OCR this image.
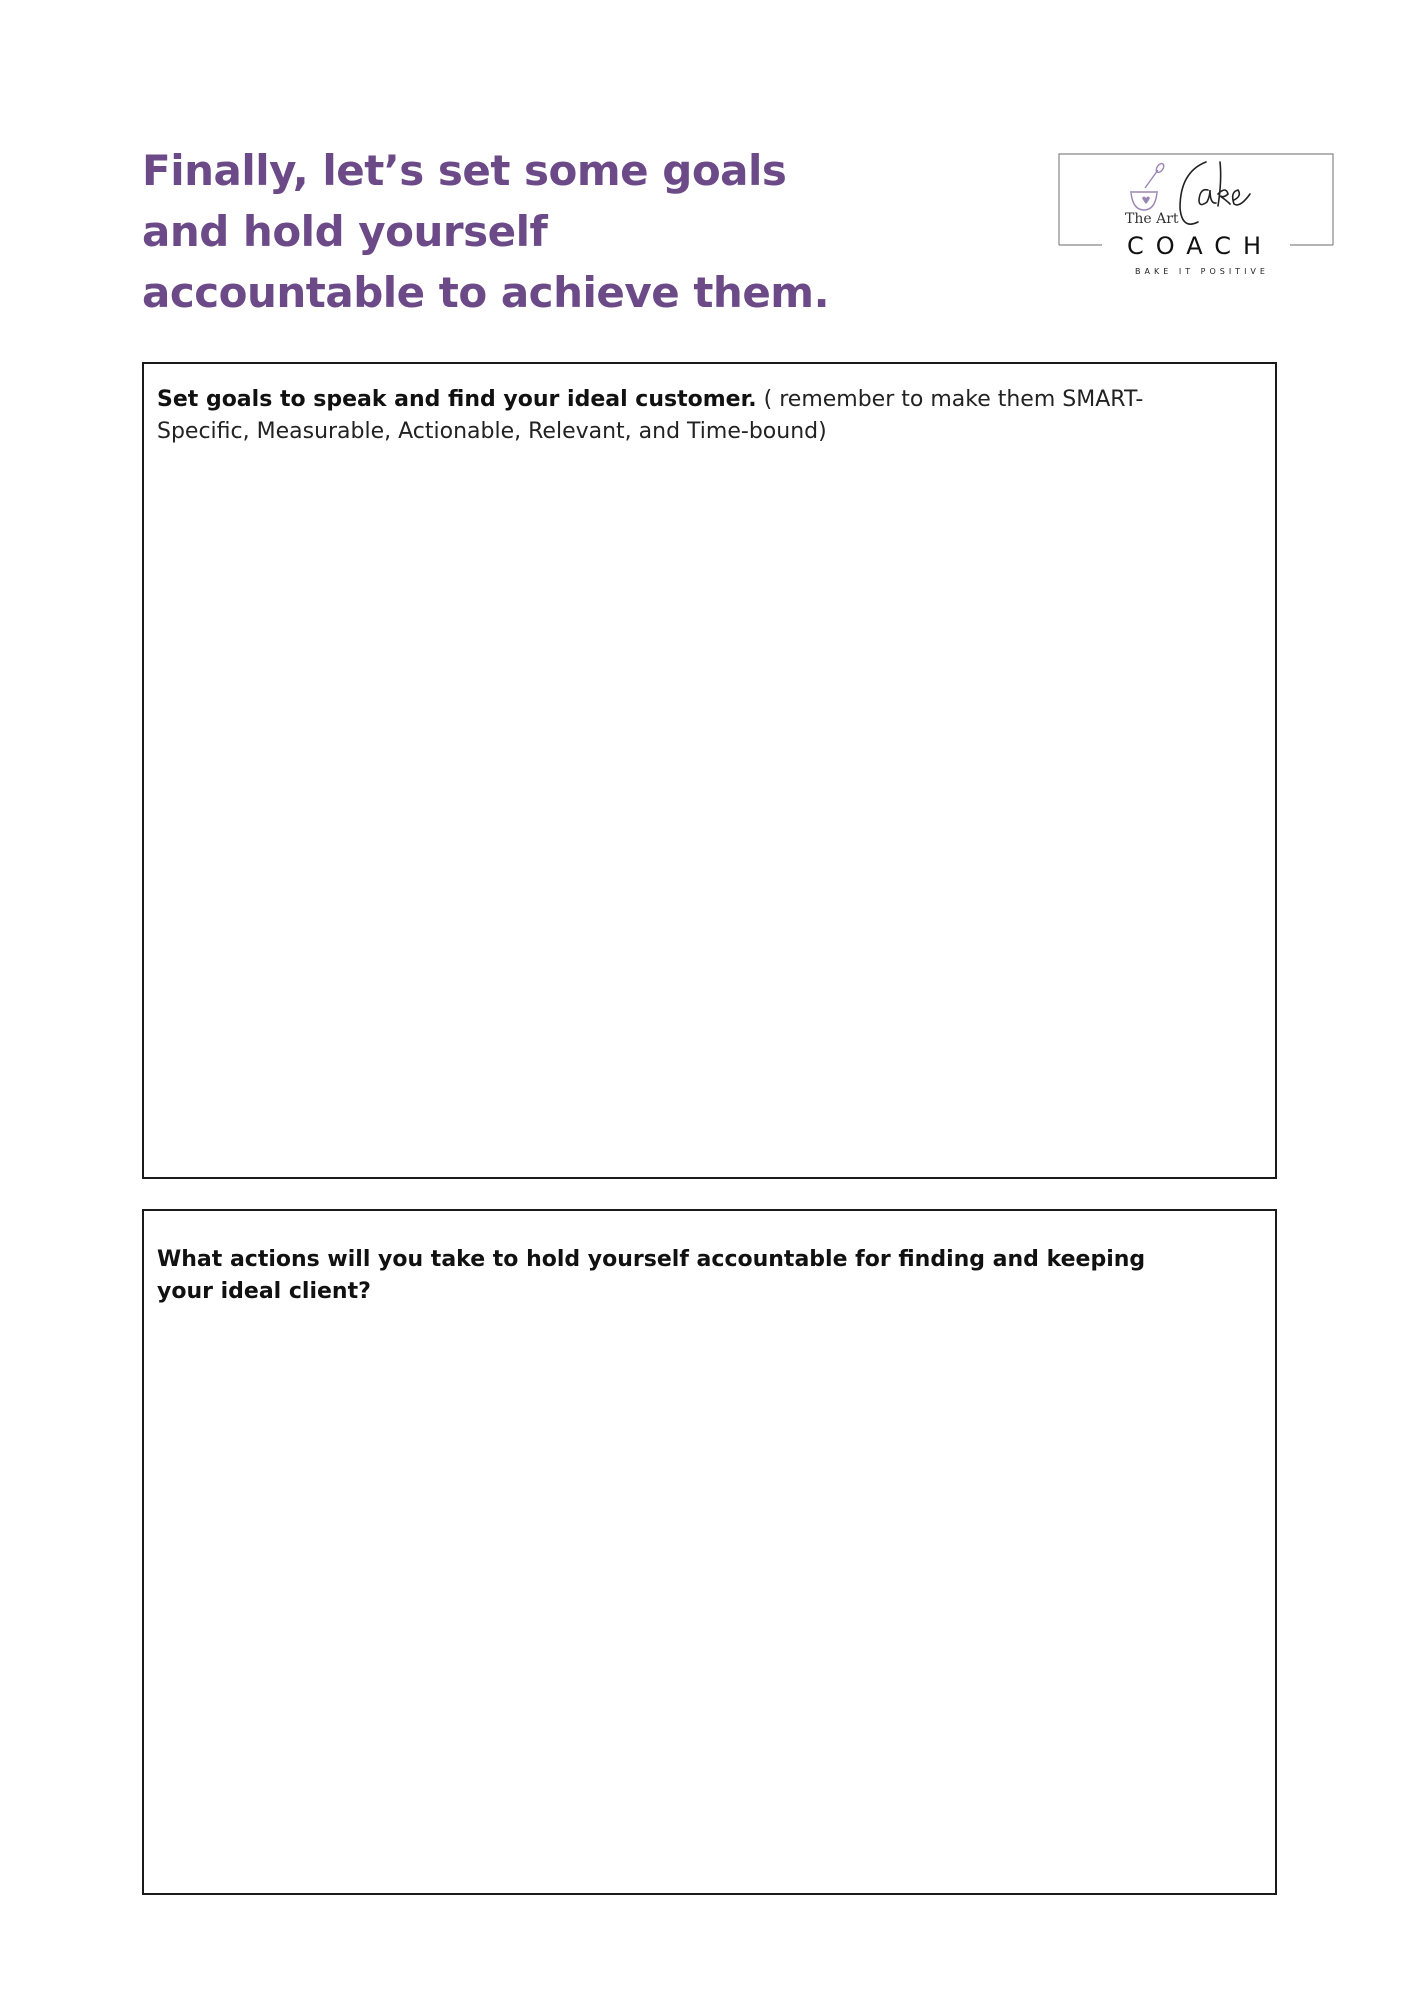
Finally, let’s set some goals
and hold yourself
accountable to achieve them.
The Art
COACH
BAKE IT POSITIVE

Set goals to speak and find your ideal customer. ( remember to make them SMART- Specific, Measurable, Actionable, Relevant, and Time-bound)

What actions will you take to hold yourself accountable for finding and keeping your ideal client?
